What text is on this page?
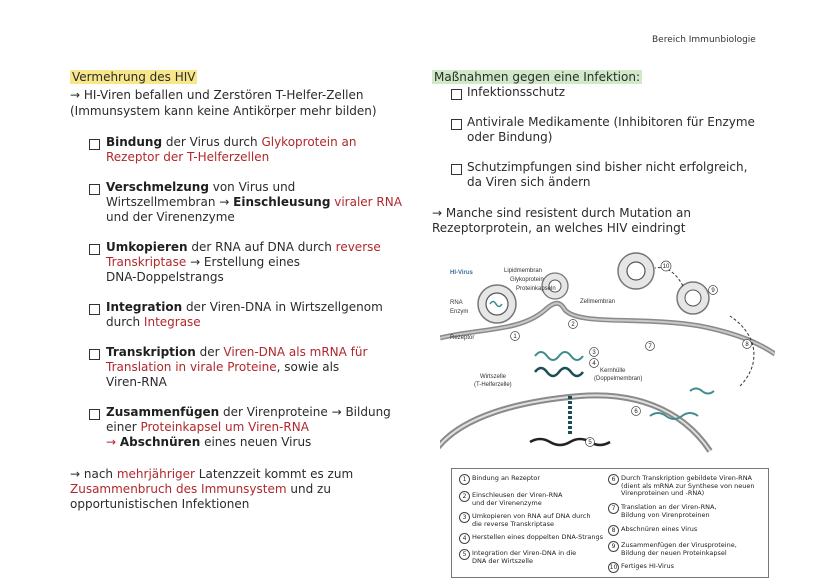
Bereich Immunbiologie
Vermehrung des HIV
→ HI-Viren befallen und Zerstören T-Helfer-Zellen
(Immunsystem kann keine Antikörper mehr bilden)
Bindung der Virus durch Glykoprotein an
Rezeptor der T-Helferzellen
Verschmelzung von Virus und
Wirtszellmembran → Einschleusung viraler RNA
und der Virenenzyme
Umkopieren der RNA auf DNA durch reverse
Transkriptase → Erstellung eines
DNA-Doppelstrangs
Integration der Viren-DNA in Wirtszellgenom
durch Integrase
Transkription der Viren-DNA als mRNA für
Translation in virale Proteine, sowie als
Viren-RNA
Zusammenfügen der Virenproteine → Bildung
einer Proteinkapsel um Viren-RNA
→ Abschnüren eines neuen Virus
→ nach mehrjähriger Latenzzeit kommt es zum
Zusammenbruch des Immunsystem und zu
opportunistischen Infektionen
Maßnahmen gegen eine Infektion:
Infektionsschutz
Antivirale Medikamente (Inhibitoren für Enzyme
oder Bindung)
Schutzimpfungen sind bisher nicht erfolgreich,
da Viren sich ändern
→ Manche sind resistent durch Mutation an
Rezeptorprotein, an welches HIV eindringt
HI-Virus	Lipidmembran
Glykoprotein
Proteinkapseln
RNA
Enzym
Rezeptor
Zellmembran
Wirtszelle
(T-Helferzelle)
Kernhülle
(Doppelmembran)
1
2
3
4
5
6
7	8
9
10
1 Bindung an Rezeptor
2 Einschleusen der Viren-RNA
und der Virenenzyme
3 Umkopieren von RNA auf DNA durch
die reverse Transkriptase
4 Herstellen eines doppelten DNA-Strangs
5 Integration der Viren-DNA in die
DNA der Wirtszelle
6 Durch Transkription gebildete Viren-RNA
(dient als mRNA zur Synthese von neuen
Virenproteinen und -RNA)
7 Translation an der Viren-RNA,
Bildung von Virenproteinen
8 Abschnüren eines Virus
9 Zusammenfügen der Virusproteine,
Bildung der neuen Proteinkapsel
10 Fertiges HI-Virus
